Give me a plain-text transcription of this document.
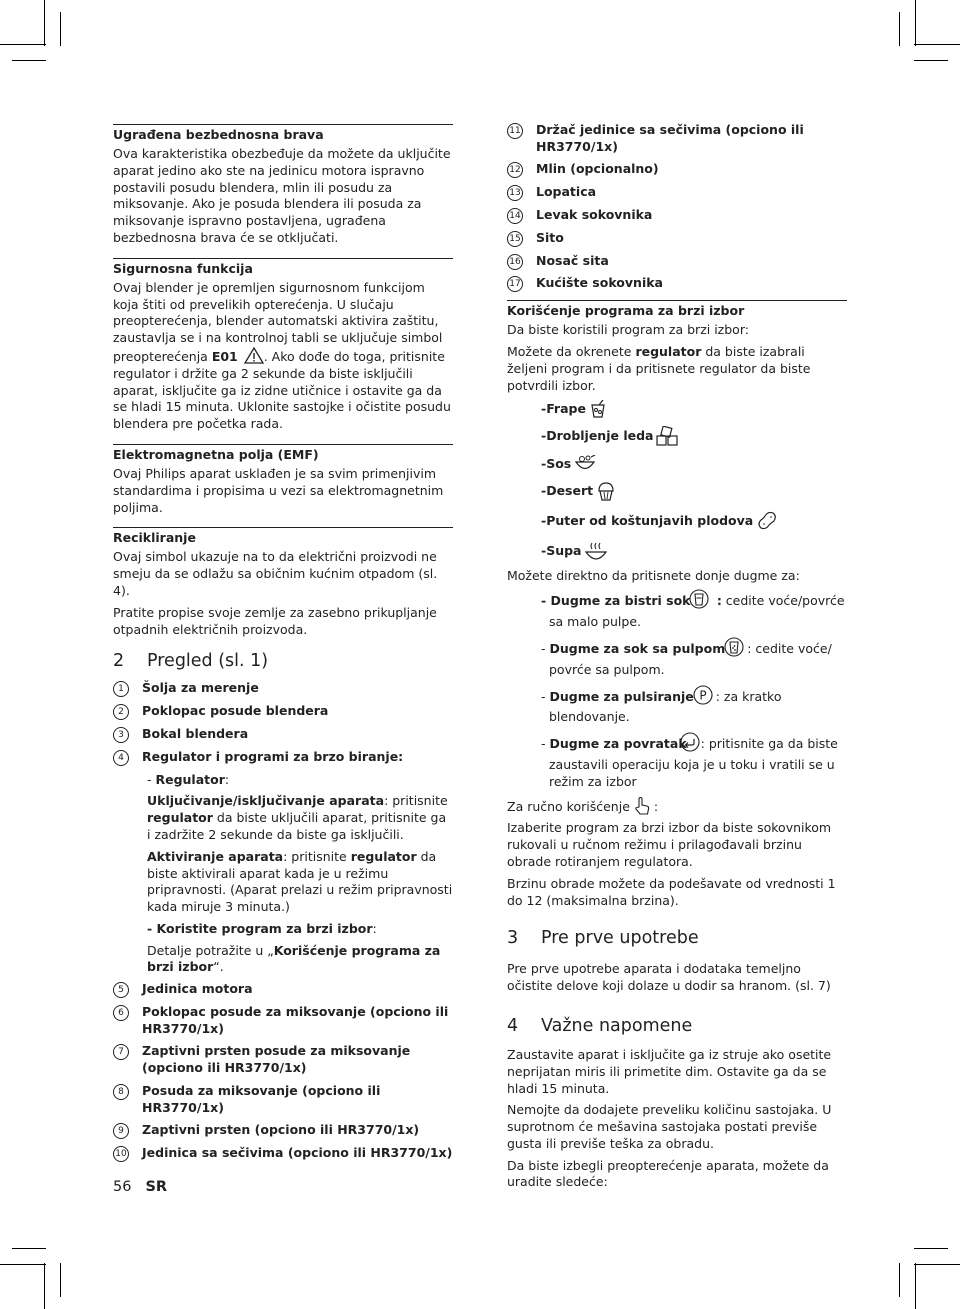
Ugrađena bezbednosna brava

Ova karakteristika obezbeđuje da možete da uključite aparat jedino ako ste na jedinicu motora ispravno postavili posudu blendera, mlin ili posudu za miksovanje. Ako je posuda blendera ili posuda za miksovanje ispravno postavljena, ugrađena bezbednosna brava će se otključati.

Sigurnosna funkcija

Ovaj blender je opremljen sigurnosnom funkcijom koja štiti od prevelikih opterećenja. U slučaju preopterećenja, blender automatski aktivira zaštitu, zaustavlja se i na kontrolnoj tabli se uključuje simbol preopterećenja E01 . Ako dođe do toga, pritisnite regulator i držite ga 2 sekunde da biste isključili aparat, isključite ga iz zidne utičnice i ostavite ga da se hladi 15 minuta. Uklonite sastojke i očistite posudu blendera pre početka rada.

Elektromagnetna polja (EMF)

Ovaj Philips aparat usklađen je sa svim primenjivim standardima i propisima u vezi sa elektromagnetnim poljima.

Recikliranje

Ovaj simbol ukazuje na to da električni proizvodi ne smeju da se odlažu sa običnim kućnim otpadom (sl. 4).

Pratite propise svoje zemlje za zasebno prikupljanje otpadnih električnih proizvoda.

2	Pregled (sl. 1)
1	Šolja za merenje
2	Poklopac posude blendera
3	Bokal blendera
4	Regulator i programi za brzo biranje:

- Regulator:

Uključivanje/isključivanje aparata: pritisnite regulator da biste uključili aparat, pritisnite ga i zadržite 2 sekunde da biste ga isključili.

Aktiviranje aparata: pritisnite regulator da biste aktivirali aparat kada je u režimu pripravnosti. (Aparat prelazi u režim pripravnosti kada miruje 3 minuta.)

- Koristite program za brzi izbor:

Detalje potražite u „Korišćenje programa za brzi izbor“.

5	Jedinica motora
6	Poklopac posude za miksovanje (opciono ili HR3770/1x)
7	Zaptivni prsten posude za miksovanje (opciono ili HR3770/1x)
8	Posuda za miksovanje (opciono ili HR3770/1x)
9	Zaptivni prsten (opciono ili HR3770/1x)
10 Jedinica sa sečivima (opciono ili HR3770/1x)
11 Držač jedinice sa sečivima (opciono ili HR3770/1x)
12 Mlin (opcionalno)
13 Lopatica
14 Levak sokovnika
15 Sito
16 Nosač sita
17 Kućište sokovnika
Korišćenje programa za brzi izbor

Da biste koristili program za brzi izbor:

Možete da okrenete regulator da biste izabrali željeni program i da pritisnete regulator da biste potvrdili izbor.

-Frape
-Drobljenje leda
-Sos
-Desert
-Puter od koštunjavih plodova
-Supa

Možete direktno da pritisnete donje dugme za:

- Dugme za bistri sok  : cedite voće/povrće sa malo pulpe.

- Dugme za sok sa pulpom : cedite voće/ povrće sa pulpom.

- Dugme za pulsiranje P : za kratko blendovanje.

- Dugme za povratak : pritisnite ga da biste zaustavili operaciju koja je u toku i vratili se u režim za izbor

Za ručno korišćenje :

Izaberite program za brzi izbor da biste sokovnikom rukovali u ručnom režimu i prilagođavali brzinu obrade rotiranjem regulatora.

Brzinu obrade možete da podešavate od vrednosti 1 do 12 (maksimalna brzina).

3	Pre prve upotrebe

Pre prve upotrebe aparata i dodataka temeljno očistite delove koji dolaze u dodir sa hranom. (sl. 7)

4	Važne napomene

Zaustavite aparat i isključite ga iz struje ako osetite neprijatan miris ili primetite dim. Ostavite ga da se hladi 15 minuta.

Nemojte da dodajete preveliku količinu sastojaka. U suprotnom će mešavina sastojaka postati previše gusta ili previše teška za obradu.

Da biste izbegli preopterećenje aparata, možete da uradite sledeće:

56 SR
